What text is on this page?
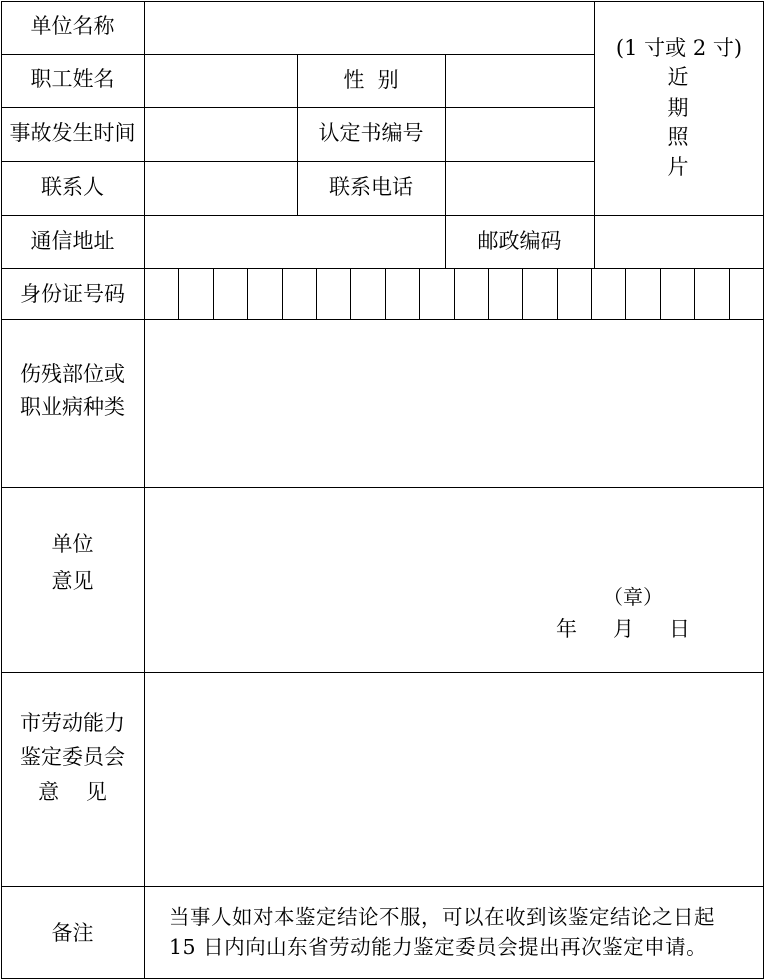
单位名称
职工姓名	性  别
事故发生时间	认定书编号
联系人	联系电话
(1 寸或 2 寸)
近
期
照
片
通信地址	邮政编码
身份证号码
伤残部位或
职业病种类
单位
意见
（章）
年 月 日
市劳动能力
鉴定委员会
意    见
备注
当事人如对本鉴定结论不服，可以在收到该鉴定结论之日起
15 日内向山东省劳动能力鉴定委员会提出再次鉴定申请。
